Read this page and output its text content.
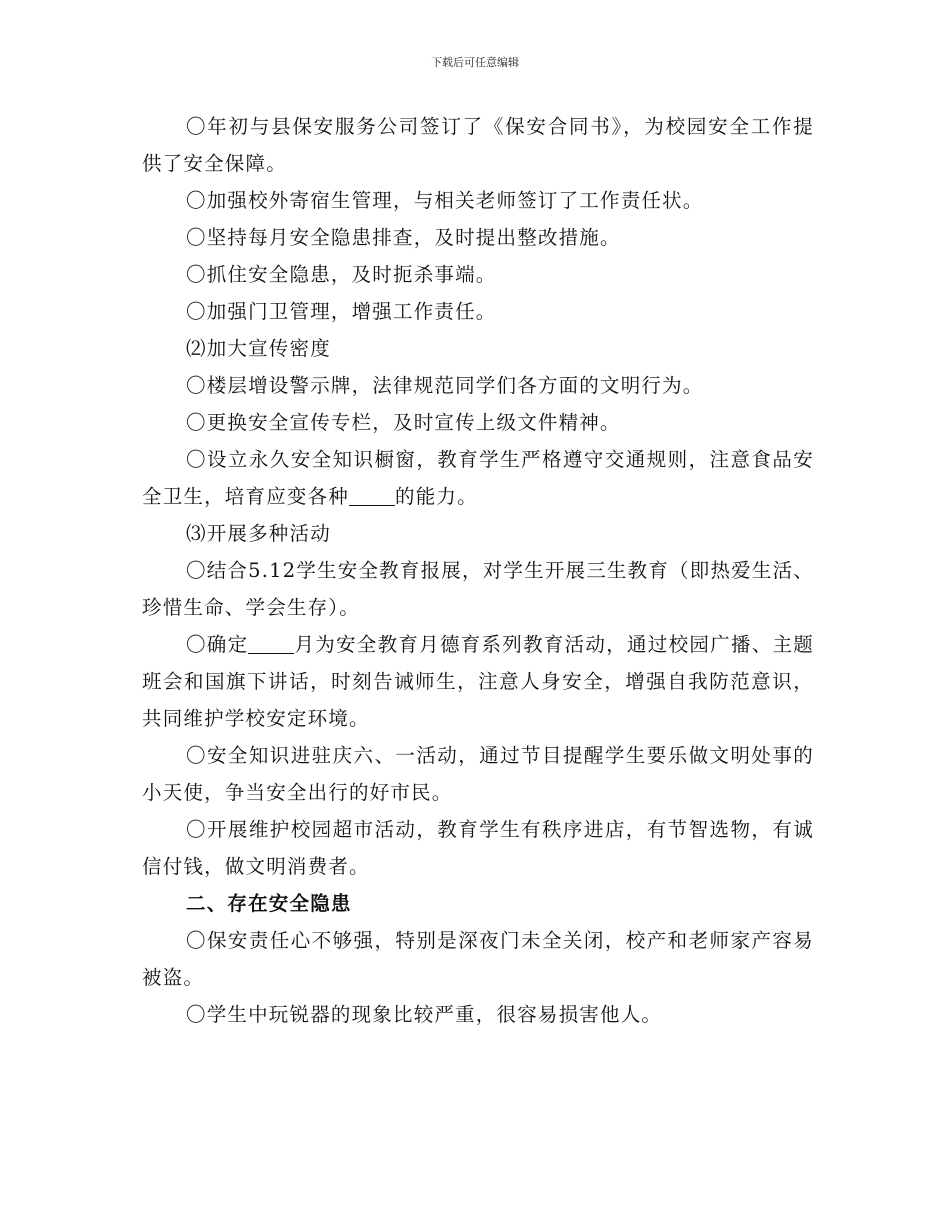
下载后可任意编辑

〇年初与县保安服务公司签订了《保安合同书》，为校园安全工作提供了安全保障。

〇加强校外寄宿生管理，与相关老师签订了工作责任状。

〇坚持每月安全隐患排查，及时提出整改措施。

〇抓住安全隐患，及时扼杀事端。

〇加强门卫管理，增强工作责任。

⑵加大宣传密度

〇楼层增设警示牌，法律规范同学们各方面的文明行为。

〇更换安全宣传专栏，及时宣传上级文件精神。

〇设立永久安全知识橱窗，教育学生严格遵守交通规则，注意食品安全卫生，培育应变各种 的能力。

⑶开展多种活动

〇结合5.12学生安全教育报展，对学生开展三生教育（即热爱生活、珍惜生命、学会生存）。

〇确定 月为安全教育月德育系列教育活动，通过校园广播、主题班会和国旗下讲话，时刻告诫师生，注意人身安全，增强自我防范意识，共同维护学校安定环境。

〇安全知识进驻庆六、一活动，通过节目提醒学生要乐做文明处事的小天使，争当安全出行的好市民。

〇开展维护校园超市活动，教育学生有秩序进店，有节智选物，有诚信付钱，做文明消费者。

二、存在安全隐患

〇保安责任心不够强，特别是深夜门未全关闭，校产和老师家产容易被盗。

〇学生中玩锐器的现象比较严重，很容易损害他人。
